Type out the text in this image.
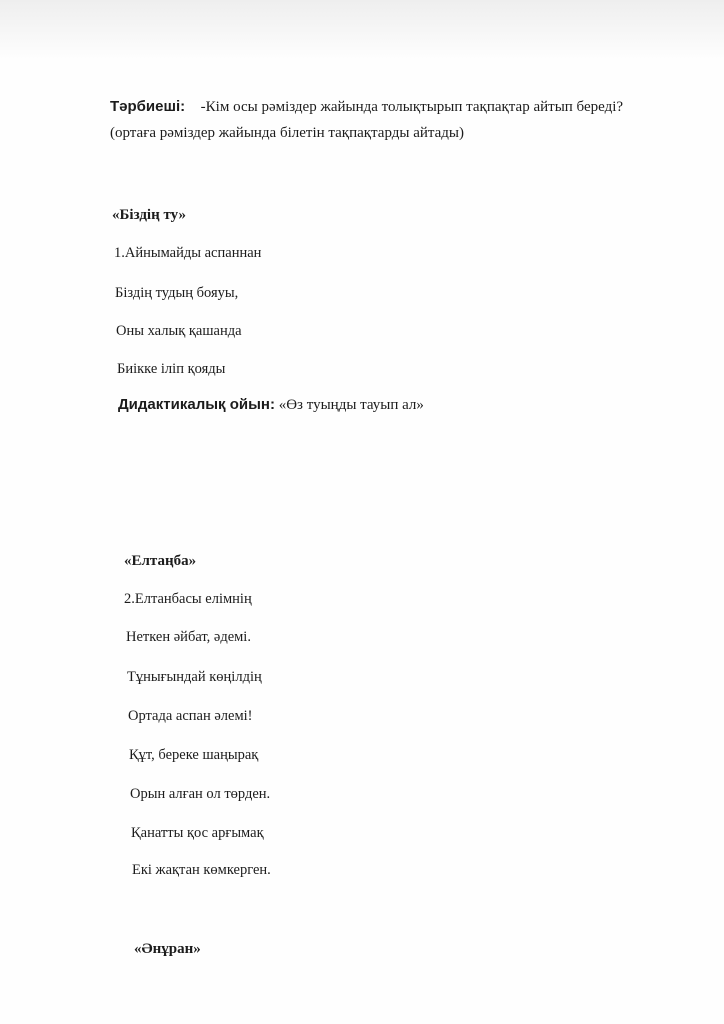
Тәрбиеші: -Кім осы рәміздер жайында толықтырып тақпақтар айтып береді?
(ортаға рәміздер жайында білетін тақпақтарды айтады)
«Біздің ту»
1.Айнымайды аспаннан
Біздің тудың бояуы,
Оны халық қашанда
Биікке іліп қояды
Дидактикалық ойын: «Өз туыңды тауып ал»
«Елтаңба»
2.Елтанбасы елімнің
Неткен әйбат, әдемі.
Тұнығындай көңілдің
Ортада аспан әлемі!
Құт, береке шаңырақ
Орын алған ол төрден.
Қанатты қос арғымақ
Екі жақтан көмкерген.
«Әнұран»
